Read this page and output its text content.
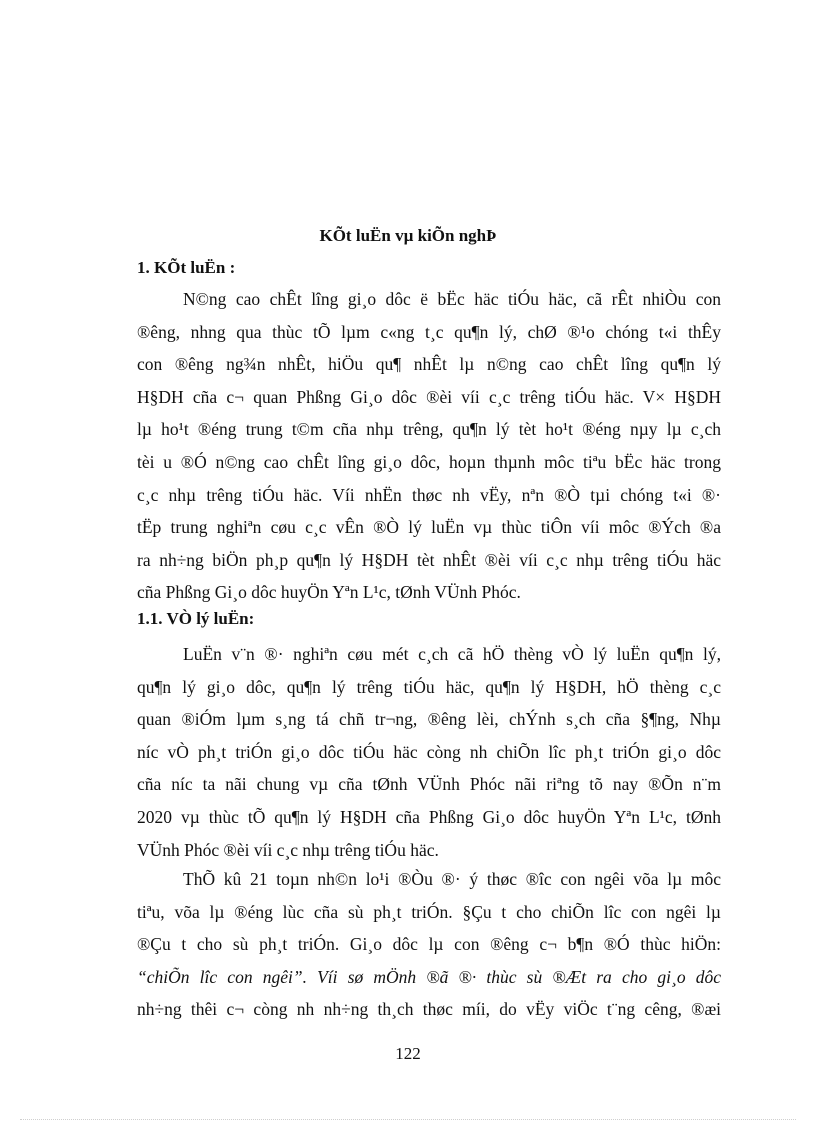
KÕt luËn vµ kiÕn nghÞ
1. KÕt luËn :
N©ng cao chÊt lîng gi¸o dôc ë bËc häc tiÓu häc, cã rÊt nhiÒu con
®êng, nhng qua thùc tÕ lµm c«ng t¸c qu¶n lý, chØ ®¹o chóng t«i thÊy
con ®êng ng¾n nhÊt, hiÖu qu¶ nhÊt lµ n©ng cao chÊt lîng qu¶n lý
H§DH cña c¬ quan Phßng Gi¸o dôc ®èi víi c¸c trêng tiÓu häc. V× H§DH
lµ ho¹t ®éng trung t©m cña nhµ trêng, qu¶n lý tèt ho¹t ®éng nµy lµ c¸ch
tèi u ®Ó n©ng cao chÊt lîng gi¸o dôc, hoµn thµnh môc tiªu bËc häc trong
c¸c nhµ trêng tiÓu häc. Víi nhËn thøc nh vËy, nªn ®Ò tµi chóng t«i ®·
tËp trung nghiªn cøu c¸c vÊn ®Ò lý luËn vµ thùc tiÔn víi môc ®Ých ®a
ra nh÷ng biÖn ph¸p qu¶n lý H§DH tèt nhÊt ®èi víi c¸c nhµ trêng tiÓu häc
cña Phßng Gi¸o dôc huyÖn Yªn L¹c, tØnh VÜnh Phóc.
1.1. VÒ lý luËn:
LuËn v¨n ®· nghiªn cøu mét c¸ch cã hÖ thèng vÒ lý luËn qu¶n lý,
qu¶n lý gi¸o dôc, qu¶n lý trêng tiÓu häc, qu¶n lý H§DH, hÖ thèng c¸c
quan ®iÓm lµm s¸ng tá chñ tr¬ng, ®êng lèi, chÝnh s¸ch cña §¶ng, Nhµ
níc vÒ ph¸t triÓn gi¸o dôc tiÓu häc còng nh chiÕn lîc ph¸t triÓn gi¸o dôc
cña níc ta nãi chung vµ cña tØnh VÜnh Phóc nãi riªng tõ nay ®Õn n¨m
2020 vµ thùc tÕ qu¶n lý H§DH cña Phßng Gi¸o dôc huyÖn Yªn L¹c, tØnh
VÜnh Phóc ®èi víi c¸c nhµ trêng tiÓu häc.
ThÕ kû 21 toµn nh©n lo¹i ®Òu ®· ý thøc ®îc con ngêi võa lµ môc
tiªu, võa lµ ®éng lùc cña sù ph¸t triÓn. §Çu t cho chiÕn lîc con ngêi lµ
®Çu t cho sù ph¸t triÓn. Gi¸o dôc lµ con ®êng c¬ b¶n ®Ó thùc hiÖn:
“chiÕn lîc con ngêi”. Víi sø mÖnh ®ã ®· thùc sù ®Æt ra cho gi¸o dôc
nh÷ng thêi c¬ còng nh nh÷ng th¸ch thøc míi, do vËy viÖc t¨ng cêng, ®æi
122
